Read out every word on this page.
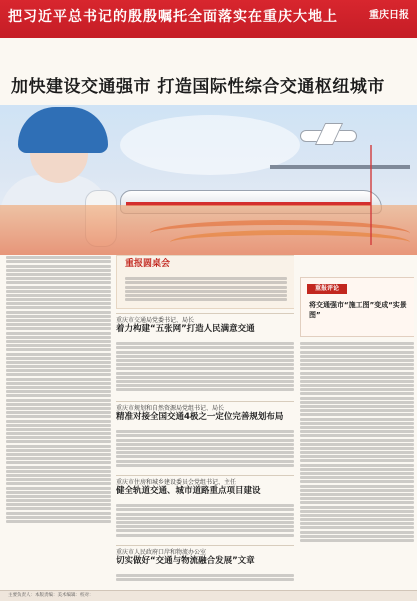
把习近平总书记的殷殷嘱托全面落实在重庆大地上	重庆日报
加快建设交通强市 打造国际性综合交通枢纽城市
重报圆桌会
重庆市交通局党委书记、局长
着力构建“五张网”打造人民满意交通
重庆市规划和自然资源局党组书记、局长
精准对接全国交通4极之一定位完善规划布局
重庆市住房和城乡建设委员会党组书记、主任
健全轨道交通、城市道路重点项目建设
重庆市人民政府口岸和物流办公室
切实做好“交通与物流融合发展”文章
重报评论
将交通强市“施工图”变成“实景图”
主要负责人：本版责编：美术编辑：校对：
